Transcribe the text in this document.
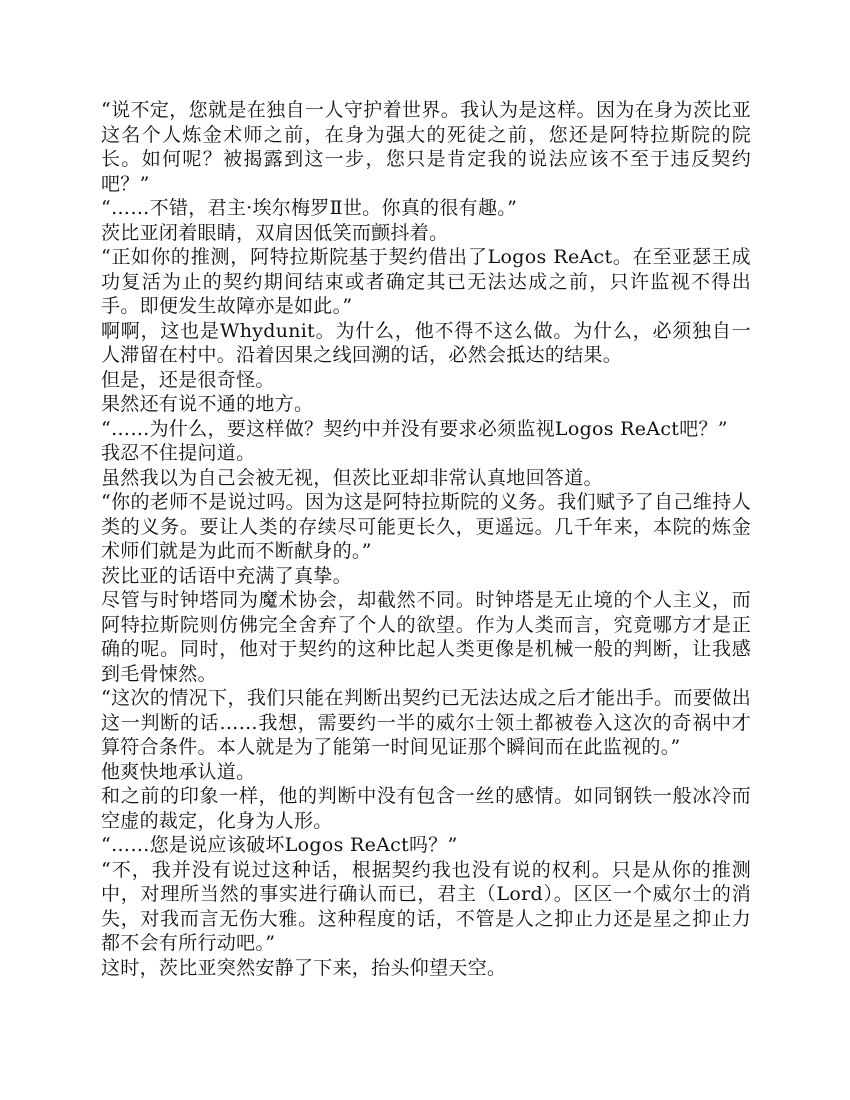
“说不定，您就是在独自一人守护着世界。我认为是这样。因为在身为茨比亚这名个人炼金术师之前，在身为强大的死徒之前，您还是阿特拉斯院的院长。如何呢？被揭露到这一步，您只是肯定我的说法应该不至于违反契约吧？”

“……不错，君主·埃尔梅罗Ⅱ世。你真的很有趣。”

茨比亚闭着眼睛，双肩因低笑而颤抖着。

“正如你的推测，阿特拉斯院基于契约借出了Logos ReAct。在至亚瑟王成功复活为止的契约期间结束或者确定其已无法达成之前，只许监视不得出手。即便发生故障亦是如此。”

啊啊，这也是Whydunit。为什么，他不得不这么做。为什么，必须独自一人滞留在村中。沿着因果之线回溯的话，必然会抵达的结果。

但是，还是很奇怪。

果然还有说不通的地方。

“……为什么，要这样做？契约中并没有要求必须监视Logos ReAct吧？”

我忍不住提问道。

虽然我以为自己会被无视，但茨比亚却非常认真地回答道。

“你的老师不是说过吗。因为这是阿特拉斯院的义务。我们赋予了自己维持人类的义务。要让人类的存续尽可能更长久，更遥远。几千年来，本院的炼金术师们就是为此而不断献身的。”

茨比亚的话语中充满了真挚。

尽管与时钟塔同为魔术协会，却截然不同。时钟塔是无止境的个人主义，而阿特拉斯院则仿佛完全舍弃了个人的欲望。作为人类而言，究竟哪方才是正确的呢。同时，他对于契约的这种比起人类更像是机械一般的判断，让我感到毛骨悚然。

“这次的情况下，我们只能在判断出契约已无法达成之后才能出手。而要做出这一判断的话……我想，需要约一半的威尔士领土都被卷入这次的奇祸中才算符合条件。本人就是为了能第一时间见证那个瞬间而在此监视的。”

他爽快地承认道。

和之前的印象一样，他的判断中没有包含一丝的感情。如同钢铁一般冰冷而空虚的裁定，化身为人形。

“……您是说应该破坏Logos ReAct吗？”

“不，我并没有说过这种话，根据契约我也没有说的权利。只是从你的推测中，对理所当然的事实进行确认而已，君主（Lord）。区区一个威尔士的消失，对我而言无伤大雅。这种程度的话，不管是人之抑止力还是星之抑止力都不会有所行动吧。”

这时，茨比亚突然安静了下来，抬头仰望天空。
